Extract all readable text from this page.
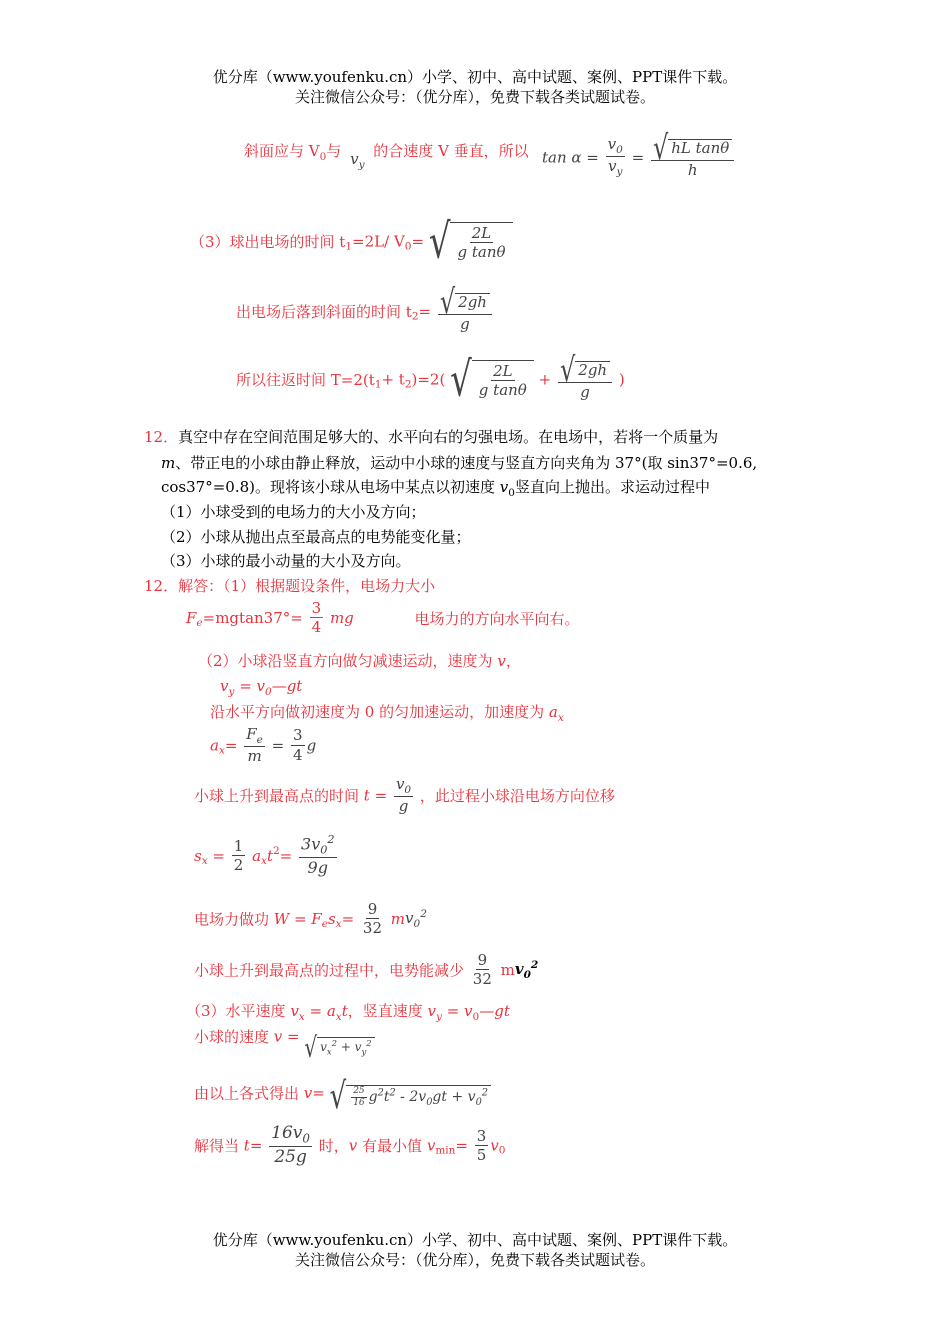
优分库（www.youfenku.cn）小学、初中、高中试题、案例、PPT课件下载。
关注微信公众号：（优分库），免费下载各类试题试卷。
斜面应与 $V_0$与 $v_y$ 的合速度 V 垂直，所以 $\tan \alpha = \frac{v_0}{v_y} = \frac{\text{√ hL tanθ}}{h}$
（3）球出电场的时间 $t_1=2L/$ $V_0=$ √ $\frac{2L}{\text{g tanθ}}$
出电场后落到斜面的时间 $t_2= \frac{√ 2gh}{g}$
所以往返时间 $T=2(t_1+ t_2)=2$( √ $\frac{2L}{\text{g tanθ}} + \frac{√ 2gh}{g}$ )
12．真空中存在空间范围足够大的、水平向右的匀强电场。在电场中，若将一个质量为
m、带正电的小球由静止释放，运动中小球的速度与竖直方向夹角为 37°(取 sin37°=0.6,
cos37°=0.8)。现将该小球从电场中某点以初速度 $v_0$竖直向上抛出。求运动过程中
（1）小球受到的电场力的大小及方向；
（2）小球从抛出点至最高点的电势能变化量；
（3）小球的最小动量的大小及方向。
12．解答：（1）根据题设条件，电场力大小
$F_e=mgtan37^\circ= \frac{3}{4}$ mg	电场力的方向水平向右。
（2）小球沿竖直方向做匀减速运动，速度为 v，
$v_y$ = $v_0—gt$
沿水平方向做初速度为 0 的匀加速运动，加速度为 $a_x$
$a_x= \frac{F_e}{m} = \frac{3}{4}$ g
小球上升到最高点的时间 $t = \frac{v_0}{g}$ ，此过程小球沿电场方向位移
$s_x = \frac{1}{2} a_xt^2= \frac{3v_0^2}{9g}$
电场力做功 $W = F_es_x= \frac{9}{32} mv_0^2$
小球上升到最高点的过程中，电势能减少 $\frac{9}{32} mv_0^2$
（3）水平速度 $v_x = a_xt$，竖直速度 $v_y$ = $v_0—gt$
小球的速度 v = √ $v_x^2 + v_y^2$
由以上各式得出 v= √ $\frac{25}{16} g^2t^2 - 2v_0gt + v_0^2$
解得当 $t= \frac{16v_0}{25g}$ 时，v 有最小值 $v_{min}= \frac{3}{5} v_0$
优分库（www.youfenku.cn）小学、初中、高中试题、案例、PPT课件下载。
关注微信公众号：（优分库），免费下载各类试题试卷。
